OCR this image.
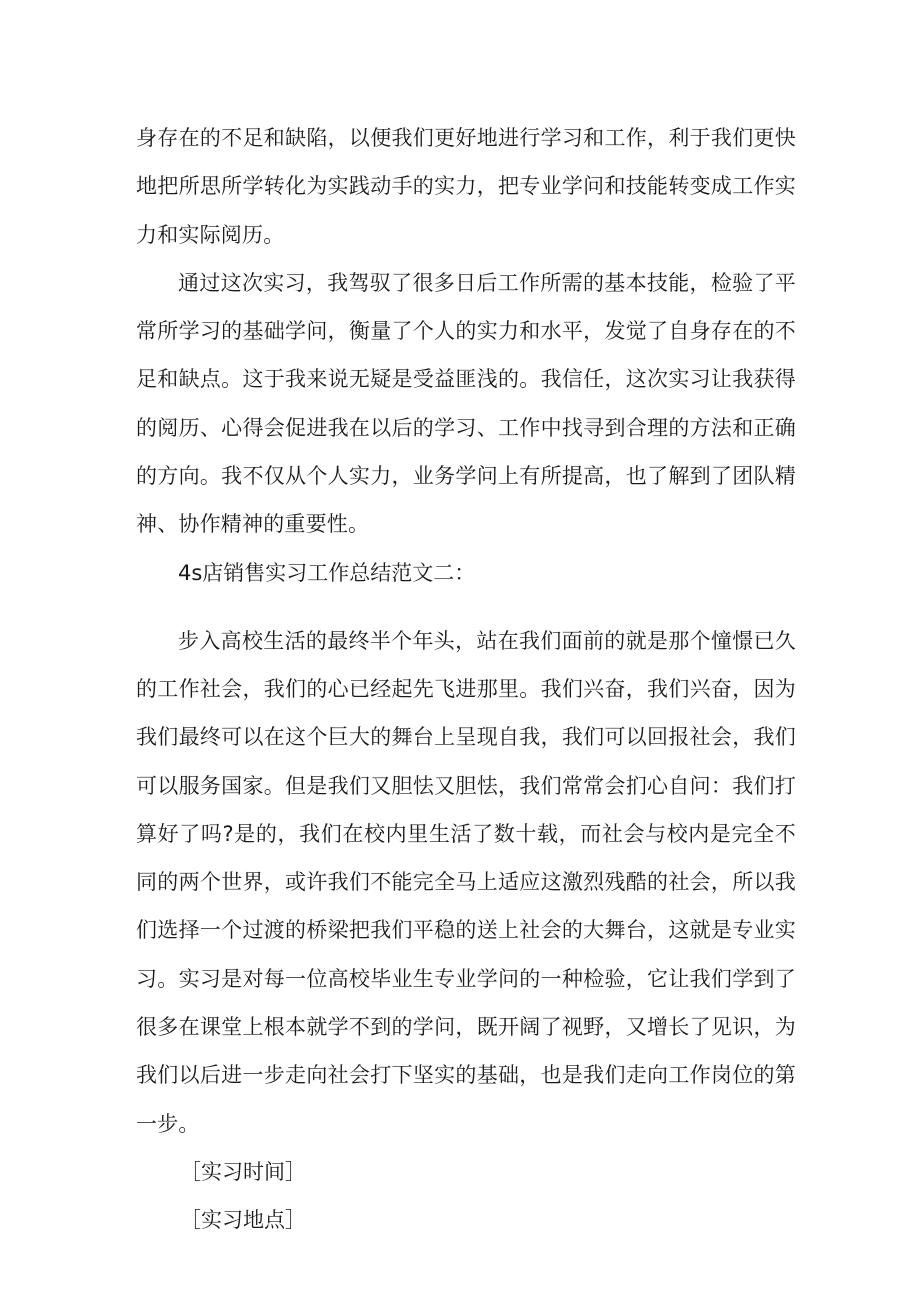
身存在的不足和缺陷，以便我们更好地进行学习和工作，利于我们更快地把所思所学转化为实践动手的实力，把专业学问和技能转变成工作实力和实际阅历。

通过这次实习，我驾驭了很多日后工作所需的基本技能，检验了平常所学习的基础学问，衡量了个人的实力和水平，发觉了自身存在的不足和缺点。这于我来说无疑是受益匪浅的。我信任，这次实习让我获得的阅历、心得会促进我在以后的学习、工作中找寻到合理的方法和正确的方向。我不仅从个人实力，业务学问上有所提高，也了解到了团队精神、协作精神的重要性。

4s店销售实习工作总结范文二：

步入高校生活的最终半个年头，站在我们面前的就是那个憧憬已久的工作社会，我们的心已经起先飞进那里。我们兴奋，我们兴奋，因为我们最终可以在这个巨大的舞台上呈现自我，我们可以回报社会，我们可以服务国家。但是我们又胆怯又胆怯，我们常常会扪心自问：我们打算好了吗?是的，我们在校内里生活了数十载，而社会与校内是完全不同的两个世界，或许我们不能完全马上适应这激烈残酷的社会，所以我们选择一个过渡的桥梁把我们平稳的送上社会的大舞台，这就是专业实习。实习是对每一位高校毕业生专业学问的一种检验，它让我们学到了很多在课堂上根本就学不到的学问，既开阔了视野，又增长了见识，为我们以后进一步走向社会打下坚实的基础，也是我们走向工作岗位的第一步。

［实习时间］

［实习地点］
